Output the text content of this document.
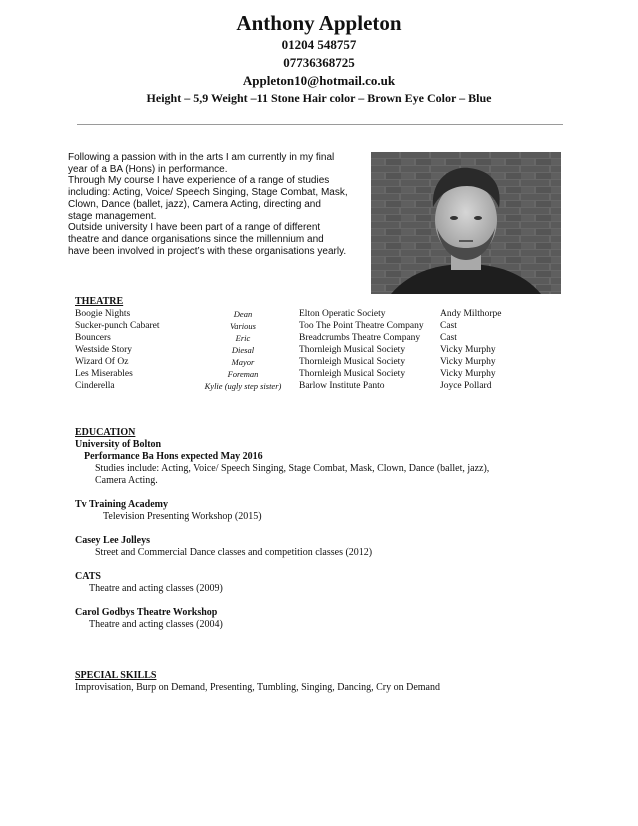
Anthony Appleton
01204 548757
07736368725
Appleton10@hotmail.co.uk
Height – 5,9 Weight –11 Stone Hair color – Brown Eye Color – Blue

Following a passion with in the arts I am currently in my final year of a BA (Hons) in performance.

Through My course I have experience of a range of studies including: Acting, Voice/ Speech Singing, Stage Combat, Mask, Clown, Dance (ballet, jazz), Camera Acting, directing and stage management.

Outside university I have been part of a range of different theatre and dance organisations since the millennium and have been involved in project’s with these organisations yearly.

THEATRE
Boogie Nights	Dean	Elton Operatic Society	Andy Milthorpe
Sucker-punch Cabaret	Various	Too The Point Theatre Company	Cast
Bouncers	Eric	Breadcrumbs Theatre Company	Cast
Westside Story	Diesal	Thornleigh Musical Society	Vicky Murphy
Wizard Of Oz	Mayor	Thornleigh Musical Society	Vicky Murphy
Les Miserables	Foreman	Thornleigh Musical Society	Vicky Murphy
Cinderella	Kylie (ugly step sister)	Barlow Institute Panto	Joyce Pollard
EDUCATION
University of Bolton
Performance Ba Hons expected May 2016
Studies include: Acting, Voice/ Speech Singing, Stage Combat, Mask, Clown, Dance (ballet, jazz),
Camera Acting.
Tv Training Academy
Television Presenting Workshop (2015)
Casey Lee Jolleys
Street and Commercial Dance classes and competition classes (2012)
CATS
Theatre and acting classes (2009)
Carol Godbys Theatre Workshop
Theatre and acting classes (2004)
SPECIAL SKILLS
Improvisation, Burp on Demand, Presenting, Tumbling, Singing, Dancing, Cry on Demand
